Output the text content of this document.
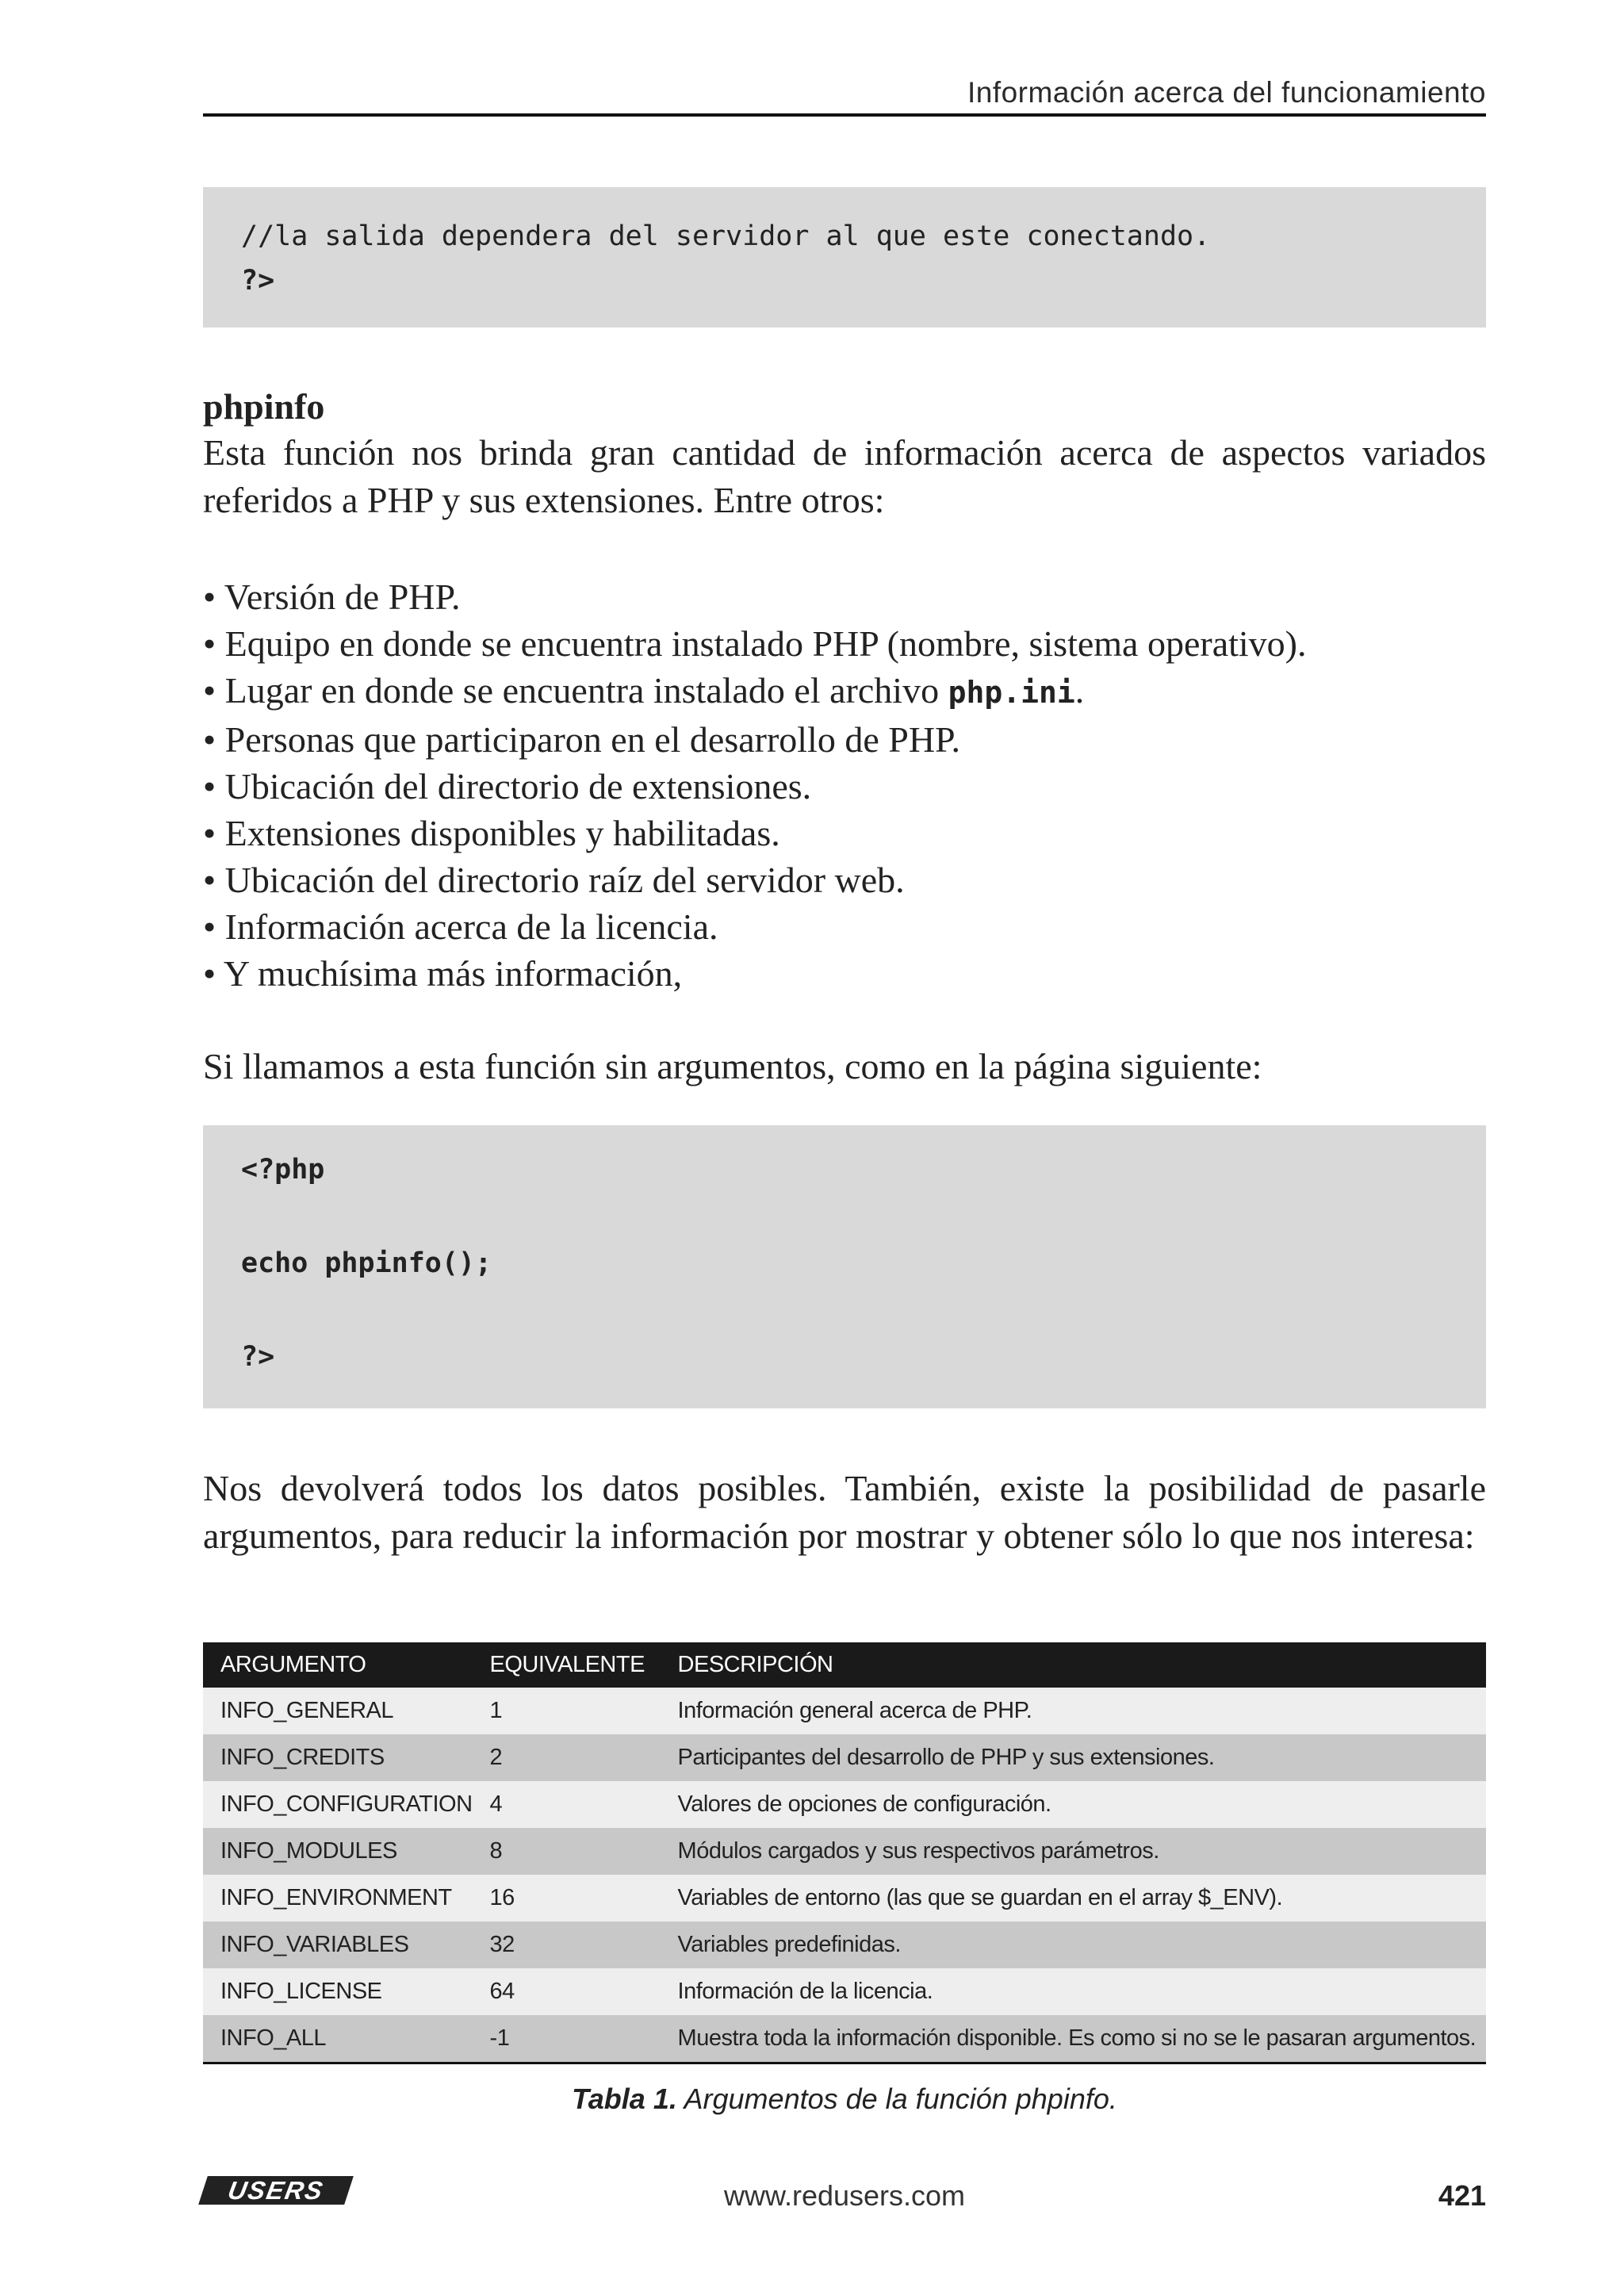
Información acerca del funcionamiento
//la salida dependera del servidor al que este conectando.
?>
phpinfo
Esta función nos brinda gran cantidad de información acerca de aspectos variados referidos a PHP y sus extensiones. Entre otros:
• Versión de PHP.
• Equipo en donde se encuentra instalado PHP (nombre, sistema operativo).
• Lugar en donde se encuentra instalado el archivo php.ini.
• Personas que participaron en el desarrollo de PHP.
• Ubicación del directorio de extensiones.
• Extensiones disponibles y habilitadas.
• Ubicación del directorio raíz del servidor web.
• Información acerca de la licencia.
• Y muchísima más información,
Si llamamos a esta función sin argumentos, como en la página siguiente:
<?php
echo phpinfo();
?>
Nos devolverá todos los datos posibles. También, existe la posibilidad de pasarle argumentos, para reducir la información por mostrar y obtener sólo lo que nos interesa:
ARGUMENTO	EQUIVALENTE	DESCRIPCIÓN
INFO_GENERAL	1	Información general acerca de PHP.
INFO_CREDITS	2	Participantes del desarrollo de PHP y sus extensiones.
INFO_CONFIGURATION	4	Valores de opciones de configuración.
INFO_MODULES	8	Módulos cargados y sus respectivos parámetros.
INFO_ENVIRONMENT	16	Variables de entorno (las que se guardan en el array $_ENV).
INFO_VARIABLES	32	Variables predefinidas.
INFO_LICENSE	64	Información de la licencia.
INFO_ALL	-1	Muestra toda la información disponible. Es como si no se le pasaran argumentos.
Tabla 1. Argumentos de la función phpinfo.
USERS	www.redusers.com	421
